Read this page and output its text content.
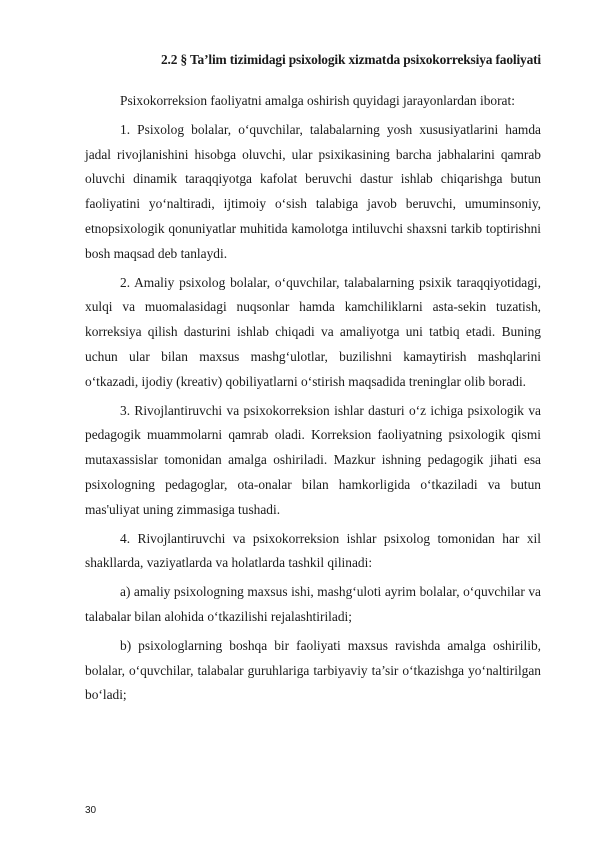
2.2 § Ta’lim tizimidagi psixologik xizmatda psixokorreksiya faoliyati

Psixokorreksion faoliyatni amalga oshirish quyidagi jarayonlardan iborat:

1. Psixolog bolalar, o‘quvchilar, talabalarning yosh xususiyatlarini hamda jadal rivojlanishini hisobga oluvchi, ular psixikasining barcha jabhalarini qamrab oluvchi dinamik taraqqiyotga kafolat beruvchi dastur ishlab chiqarishga butun faoliyatini yo‘naltiradi, ijtimoiy o‘sish talabiga javob beruvchi, umuminsoniy, etnopsixologik qonuniyatlar muhitida kamolotga intiluvchi shaxsni tarkib toptirishni bosh maqsad deb tanlaydi.

2. Amaliy psixolog bolalar, o‘quvchilar, talabalarning psixik taraqqiyotidagi, xulqi va muomalasidagi nuqsonlar hamda kamchiliklarni asta-sekin tuzatish, korreksiya qilish dasturini ishlab chiqadi va amaliyotga uni tatbiq etadi. Buning uchun ular bilan maxsus mashg‘ulotlar, buzilishni kamaytirish mashqlarini o‘tkazadi, ijodiy (kreativ) qobiliyatlarni o‘stirish maqsadida treninglar olib boradi.

3. Rivojlantiruvchi va psixokorreksion ishlar dasturi o‘z ichiga psixologik va pedagogik muammolarni qamrab oladi. Korreksion faoliyatning psixologik qismi mutaxassislar tomonidan amalga oshiriladi. Mazkur ishning pedagogik jihati esa psixologning pedagoglar, ota-onalar bilan hamkorligida o‘tkaziladi va butun mas'uliyat uning zimmasiga tushadi.

4. Rivojlantiruvchi va psixokorreksion ishlar psixolog tomonidan har xil shakllarda, vaziyatlarda va holatlarda tashkil qilinadi:

a) amaliy psixologning maxsus ishi, mashg‘uloti ayrim bolalar, o‘quvchilar va talabalar bilan alohida o‘tkazilishi rejalashtiriladi;

b) psixologlarning boshqa bir faoliyati maxsus ravishda amalga oshirilib, bolalar, o‘quvchilar, talabalar guruhlariga tarbiyaviy ta’sir o‘tkazishga yo‘naltirilgan bo‘ladi;

30
